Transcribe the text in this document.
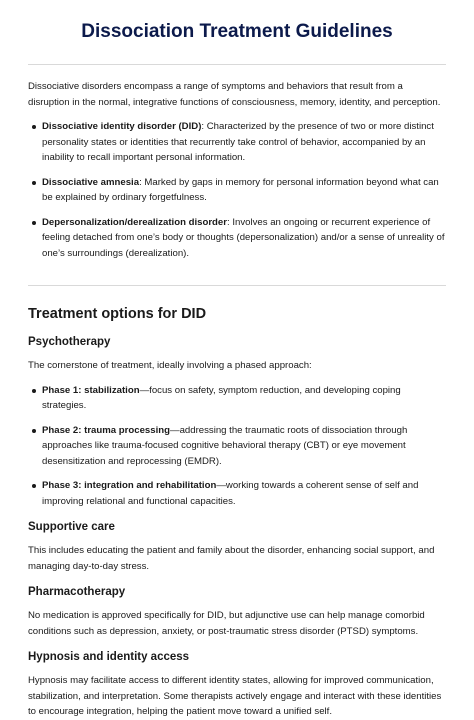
Dissociation Treatment Guidelines

Dissociative disorders encompass a range of symptoms and behaviors that result from a disruption in the normal, integrative functions of consciousness, memory, identity, and perception.

Dissociative identity disorder (DID): Characterized by the presence of two or more distinct personality states or identities that recurrently take control of behavior, accompanied by an inability to recall important personal information.
Dissociative amnesia: Marked by gaps in memory for personal information beyond what can be explained by ordinary forgetfulness.
Depersonalization/derealization disorder: Involves an ongoing or recurrent experience of feeling detached from one’s body or thoughts (depersonalization) and/or a sense of unreality of one’s surroundings (derealization).
Treatment options for DID
Psychotherapy

The cornerstone of treatment, ideally involving a phased approach:

Phase 1: stabilization—focus on safety, symptom reduction, and developing coping strategies.
Phase 2: trauma processing—addressing the traumatic roots of dissociation through approaches like trauma-focused cognitive behavioral therapy (CBT) or eye movement desensitization and reprocessing (EMDR).
Phase 3: integration and rehabilitation—working towards a coherent sense of self and improving relational and functional capacities.
Supportive care

This includes educating the patient and family about the disorder, enhancing social support, and managing day-to-day stress.

Pharmacotherapy

No medication is approved specifically for DID, but adjunctive use can help manage comorbid conditions such as depression, anxiety, or post-traumatic stress disorder (PTSD) symptoms.

Hypnosis and identity access

Hypnosis may facilitate access to different identity states, allowing for improved communication, stabilization, and interpretation. Some therapists actively engage and interact with these identities to encourage integration, helping the patient move toward a unified self.
